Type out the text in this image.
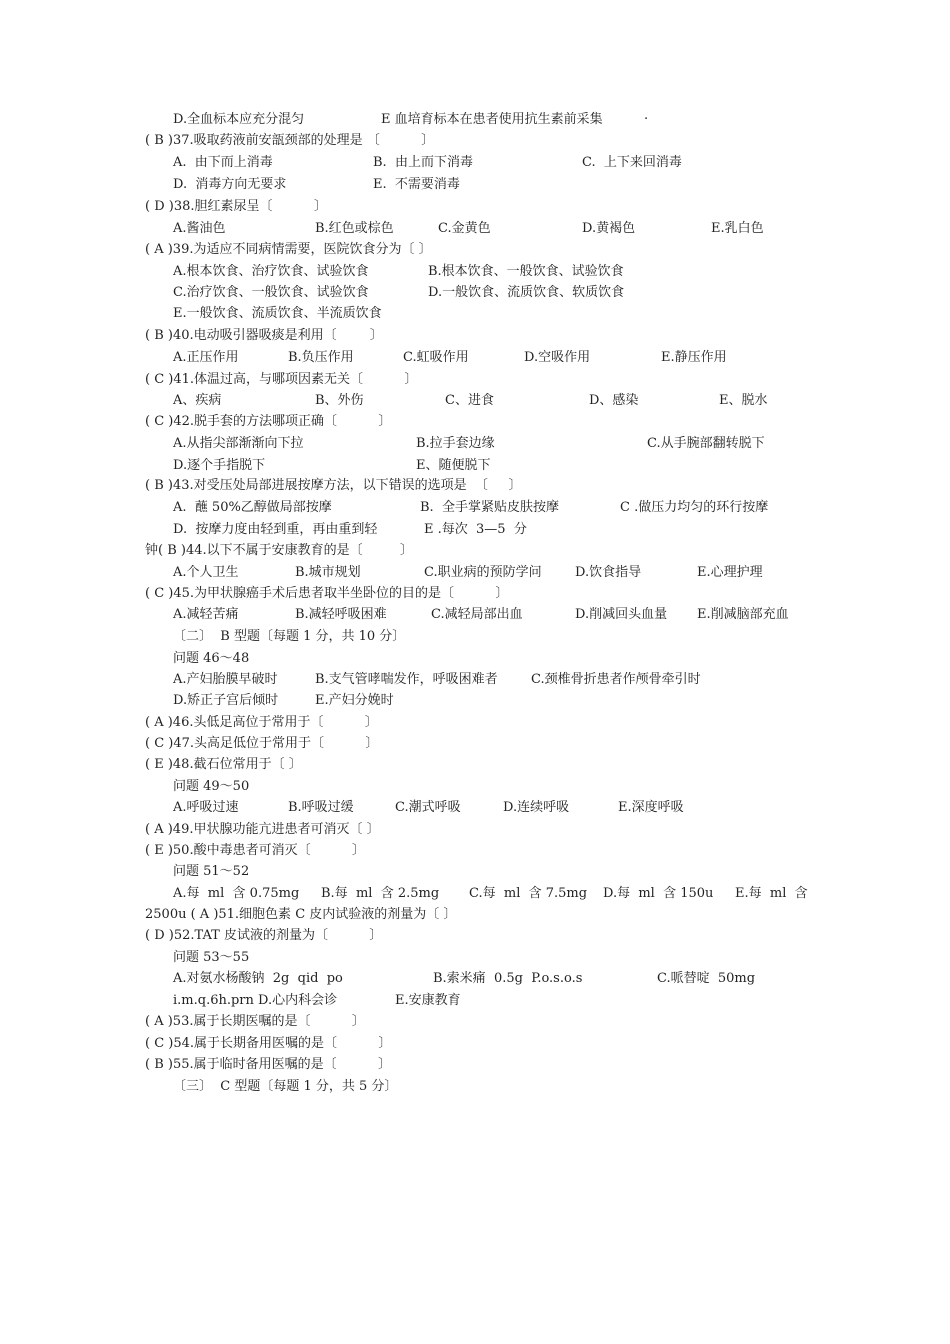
D.全血标本应充分混匀	E 血培育标本在患者使用抗生素前采集	.
( B )37.吸取药液前安瓿颈部的处理是 〔          〕
A.  由下而上消毒	B.  由上而下消毒	C.  上下来回消毒
D.  消毒方向无要求	E.  不需要消毒
( D )38.胆红素尿呈〔          〕
A.酱油色	B.红色或棕色	C.金黄色	D.黄褐色	E.乳白色
( A )39.为适应不同病情需要，医院饮食分为〔 〕
A.根本饮食、治疗饮食、试验饮食	B.根本饮食、一般饮食、试验饮食
C.治疗饮食、一般饮食、试验饮食	D.一般饮食、流质饮食、软质饮食
E.一般饮食、流质饮食、半流质饮食
( B )40.电动吸引器吸痰是利用〔        〕
A.正压作用	B.负压作用	C.虹吸作用	D.空吸作用	E.静压作用
( C )41.体温过高，与哪项因素无关〔          〕
A、疾病	B、外伤	C、进食	D、感染	E、脱水
( C )42.脱手套的方法哪项正确〔          〕
A.从指尖部渐渐向下拉	B.拉手套边缘	C.从手腕部翻转脱下
D.逐个手指脱下	E、随便脱下
( B )43.对受压处局部进展按摩方法，以下错误的选项是  〔     〕
A.  蘸 50%乙醇做局部按摩	B.  全手掌紧贴皮肤按摩	C .做压力均匀的环行按摩
D.  按摩力度由轻到重，再由重到轻	E .每次  3—5  分
钟( B )44.以下不属于安康教育的是〔         〕
A.个人卫生	B.城市规划	C.职业病的预防学问	D.饮食指导	E.心理护理
( C )45.为甲状腺癌手术后患者取半坐卧位的目的是〔          〕
A.减轻苦痛	B.减轻呼吸困难	C.减轻局部出血	D.削减回头血量 E.削减脑部充血
〔二〕  B 型题〔每题 1 分，共 10 分〕
问题 46～48
A.产妇胎膜早破时	B.支气管哮喘发作，呼吸困难者	C.颈椎骨折患者作颅骨牵引时
D.矫正子宫后倾时	E.产妇分娩时
( A )46.头低足高位于常用于〔          〕
( C )47.头高足低位于常用于〔          〕
( E )48.截石位常用于〔 〕
问题 49～50
A.呼吸过速	B.呼吸过缓	C.潮式呼吸	D.连续呼吸	E.深度呼吸
( A )49.甲状腺功能亢进患者可消灭〔 〕
( E )50.酸中毒患者可消灭〔          〕
问题 51～52
A.每  ml  含 0.75mg B.每  ml  含 2.5mg C.每  ml  含 7.5mg D.每  ml  含 150u E.每  ml  含
2500u ( A )51.细胞色素 C 皮内试验液的剂量为〔 〕
( D )52.TAT 皮试液的剂量为〔          〕
问题 53～55
A.对氨水杨酸钠  2g  qid  po	B.索米痛  0.5g  P.o.s.o.s	C.哌替啶  50mg
i.m.q.6h.prn D.心内科会诊	E.安康教育
( A )53.属于长期医嘱的是〔          〕
( C )54.属于长期备用医嘱的是〔          〕
( B )55.属于临时备用医嘱的是〔          〕
〔三〕  C 型题〔每题 1 分，共 5 分〕
